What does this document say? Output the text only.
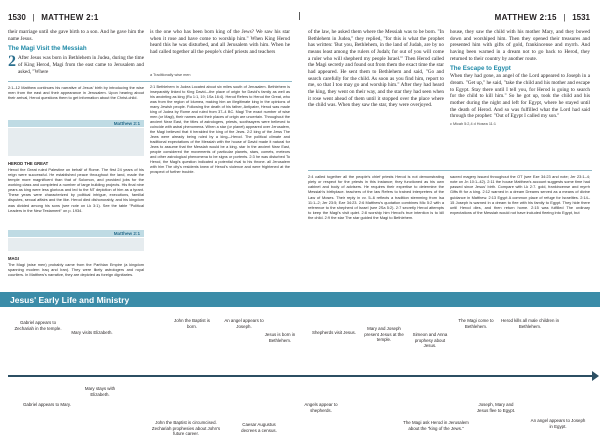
1530   |   MATTHEW 2:1

their marriage until she gave birth to a son. And he gave him the name Jesus.

The Magi Visit the Messiah

2 After Jesus was born in Bethlehem in Judea, during the time of King Herod, Magi from the east came to Jerusalem and asked, "Where

is the one who has been born king of the Jews? We saw his star when it rose and have come to worship him." When King Herod heard this he was disturbed, and all Jerusalem with him. When he had called together all the people's chief priests and teachers

a Traditionally wise men
2:1–12 Matthew continues his narrative of Jesus' birth by introducing the wise men from the east and their appearance in Jerusalem. Upon hearing about their arrival, Herod questions them to get information about the Christ-child.
Matthew 2:1
HEROD THE GREAT
Herod the Great ruled Palestine on behalf of Rome. The first 24 years of his reign were successful. He established peace throughout the land, made the temple more magnificent than that of Solomon, and provided jobs for the working class and completed a number of large building projects. His final nine years as king were less glorious and led to the NT depiction of him as a tyrant. These years were characterized by political intrigue, executions, familial disputes, sexual affairs and the like. Herod died dishonorably, and his kingdom was divided among his sons (see note on Lk 3:1). See the table "Political Leaders in the New Testament" on p. 1934.
Matthew 2:1
MAGI
The Magi (wise men) probably came from the Parthian Empire (a kingdom spanning modern Iraq and Iran). They were likely astrologers and royal courtiers. In Matthew's narrative, they are depicted as foreign dignitaries.
2:1 Bethlehem in Judea Located about six miles south of Jerusalem. Bethlehem is inseparably linked to King David—the place of origin for David's family as well as his anointing as king (Ru 1:1, 19; 1Sa 16:4). Herod Refers to Herod the Great, who was from the region of Idumea, making him an illegitimate king in the opinions of many Jewish people. Following the death of his father, Antipater, Herod was made king of Judea by Rome and ruled from 37–4 BC. Magi The exact number of wise men (or Magi), their names and their places of origin are uncertain. Throughout the ancient Near East, the titles of astrologers, priests, soothsayers were believed to coincide with astral phenomena. When a star (or planet) appeared over Jerusalem, the Magi believed that it heralded the king of the Jews. 2:2 king of the Jews The Jews were already being ruled by a king—Herod. The political climate and traditional expectations of the Messiah with the house of David made it natural for Jews to assume that the Messiah would be a king. star In the ancient Near East, people considered the movements of particular planets, stars, comets, meteors and other astrological phenomena to be signs or portents. 2:3 he was disturbed To Herod, the Magi's question indicated a potential rival to his throne. all Jerusalem with him The city's residents knew of Herod's violence and were frightened at the prospect of further trouble.
MATTHEW 2:15   |   1531

of the law, he asked them where the Messiah was to be born. "In Bethlehem in Judea," they replied, "for this is what the prophet has written: 'But you, Bethlehem, in the land of Judah, are by no means least among the rulers of Judah; for out of you will come a ruler who will shepherd my people Israel.'" Then Herod called the Magi secretly and found out from them the exact time the star had appeared. He sent them to Bethlehem and said, "Go and search carefully for the child. As soon as you find him, report to me, so that I too may go and worship him." After they had heard the king, they went on their way, and the star they had seen when it rose went ahead of them until it stopped over the place where the child was. When they saw the star, they were overjoyed.

house, they saw the child with his mother Mary, and they bowed down and worshiped him. Then they opened their treasures and presented him with gifts of gold, frankincense and myrrh. And having been warned in a dream not to go back to Herod, they returned to their country by another route.

The Escape to Egypt

When they had gone, an angel of the Lord appeared to Joseph in a dream. "Get up," he said, "take the child and his mother and escape to Egypt. Stay there until I tell you, for Herod is going to search for the child to kill him." So he got up, took the child and his mother during the night and left for Egypt, where he stayed until the death of Herod. And so was fulfilled what the Lord had said through the prophet: "Out of Egypt I called my son."

c Micah 5:2,4 d Hosea 11:1

2:4 called together all the people's chief priests Herod is not demonstrating piety or respect for the priests in this instance; they functioned as his own cabinet and body of advisers. He requires their expertise to determine the Messiah's birthplace. teachers of the law Refers to trained interpreters of the Law of Moses. Their reply in vv. 5–6 reflects a tradition stemming from Isa 11:1–2; Jer 23:5; Eze 34:23. 2:6 Matthew's quotation combines Mic 5:2 with a reference to the shepherd of Israel (see 2Sa 5:2). 2:7 secretly Herod attempts to keep the Magi's visit quiet. 2:8 worship him Herod's true intention is to kill the child. 2:9 the star The star guided the Magi to Bethlehem.
sacred magery issued throughout the OT (see Eze 34:23 and note; Jer 23:1–4; note on Jn 10:1–42). 2:11 the house Matthew's account suggests some time had passed since Jesus' birth. Compare with Lk 2:7. gold, frankincense and myrrh Gifts fit for a king. 2:12 warned in a dream Dreams served as a means of divine guidance in Matthew. 2:13 Egypt A common place of refuge for Israelites. 2:14–15 Joseph is warned in a dream to flee with his family to Egypt. They hide there until Herod dies, and then return home. 2:15 was fulfilled The ordinary expectations of the Messiah would not have included fleeing into Egypt, but
Jesus' Early Life and Ministry
Gabriel appears to Zechariah in the temple.
Mary visits Elizabeth.
John the Baptist is born.
An angel appears to Joseph.
Jesus is born in Bethlehem.
Shepherds visit Jesus.
Mary and Joseph present Jesus at the temple.
Simeon and Anna prophesy about Jesus.
The Magi come to Bethlehem.
Herod kills all male children in Bethlehem.
Gabriel appears to Mary.
Mary stays with Elizabeth.
John the Baptist is circumcised. Zechariah prophesies about John's future career.
Caesar Augustus decrees a census.
Angels appear to shepherds.
The Magi ask Herod in Jerusalem about the "king of the Jews."
Joseph, Mary and Jesus flee to Egypt.
An angel appears to Joseph in Egypt.
